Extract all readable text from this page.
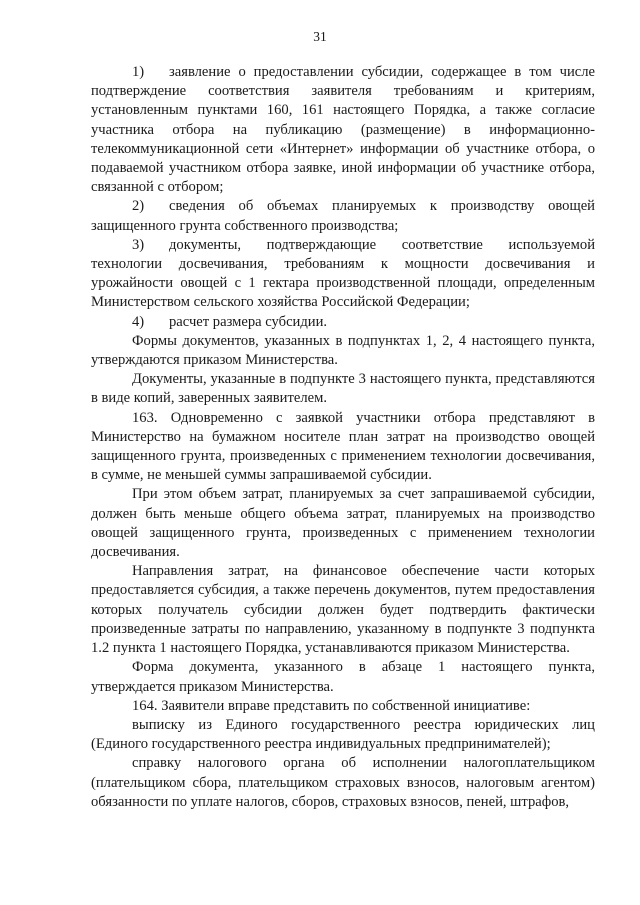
31

1) заявление о предоставлении субсидии, содержащее в том числе подтверждение соответствия заявителя требованиям и критериям, установленным пунктами 160, 161 настоящего Порядка, а также согласие участника отбора на публикацию (размещение) в информационно-телекоммуникационной сети «Интернет» информации об участнике отбора, о подаваемой участником отбора заявке, иной информации об участнике отбора, связанной с отбором;

2) сведения об объемах планируемых к производству овощей защищенного грунта собственного производства;

3) документы, подтверждающие соответствие используемой технологии досвечивания, требованиям к мощности досвечивания и урожайности овощей с 1 гектара производственной площади, определенным Министерством сельского хозяйства Российской Федерации;

4) расчет размера субсидии.

Формы документов, указанных в подпунктах 1, 2, 4 настоящего пункта, утверждаются приказом Министерства.

Документы, указанные в подпункте 3 настоящего пункта, представляются в виде копий, заверенных заявителем.

163. Одновременно с заявкой участники отбора представляют в Министерство на бумажном носителе план затрат на производство овощей защищенного грунта, произведенных с применением технологии досвечивания, в сумме, не меньшей суммы запрашиваемой субсидии.

При этом объем затрат, планируемых за счет запрашиваемой субсидии, должен быть меньше общего объема затрат, планируемых на производство овощей защищенного грунта, произведенных с применением технологии досвечивания.

Направления затрат, на финансовое обеспечение части которых предоставляется субсидия, а также перечень документов, путем предоставления которых получатель субсидии должен будет подтвердить фактически произведенные затраты по направлению, указанному в подпункте 3 подпункта 1.2 пункта 1 настоящего Порядка, устанавливаются приказом Министерства.

Форма документа, указанного в абзаце 1 настоящего пункта, утверждается приказом Министерства.

164. Заявители вправе представить по собственной инициативе:

выписку из Единого государственного реестра юридических лиц (Единого государственного реестра индивидуальных предпринимателей);

справку налогового органа об исполнении налогоплательщиком (плательщиком сбора, плательщиком страховых взносов, налоговым агентом) обязанности по уплате налогов, сборов, страховых взносов, пеней, штрафов,
